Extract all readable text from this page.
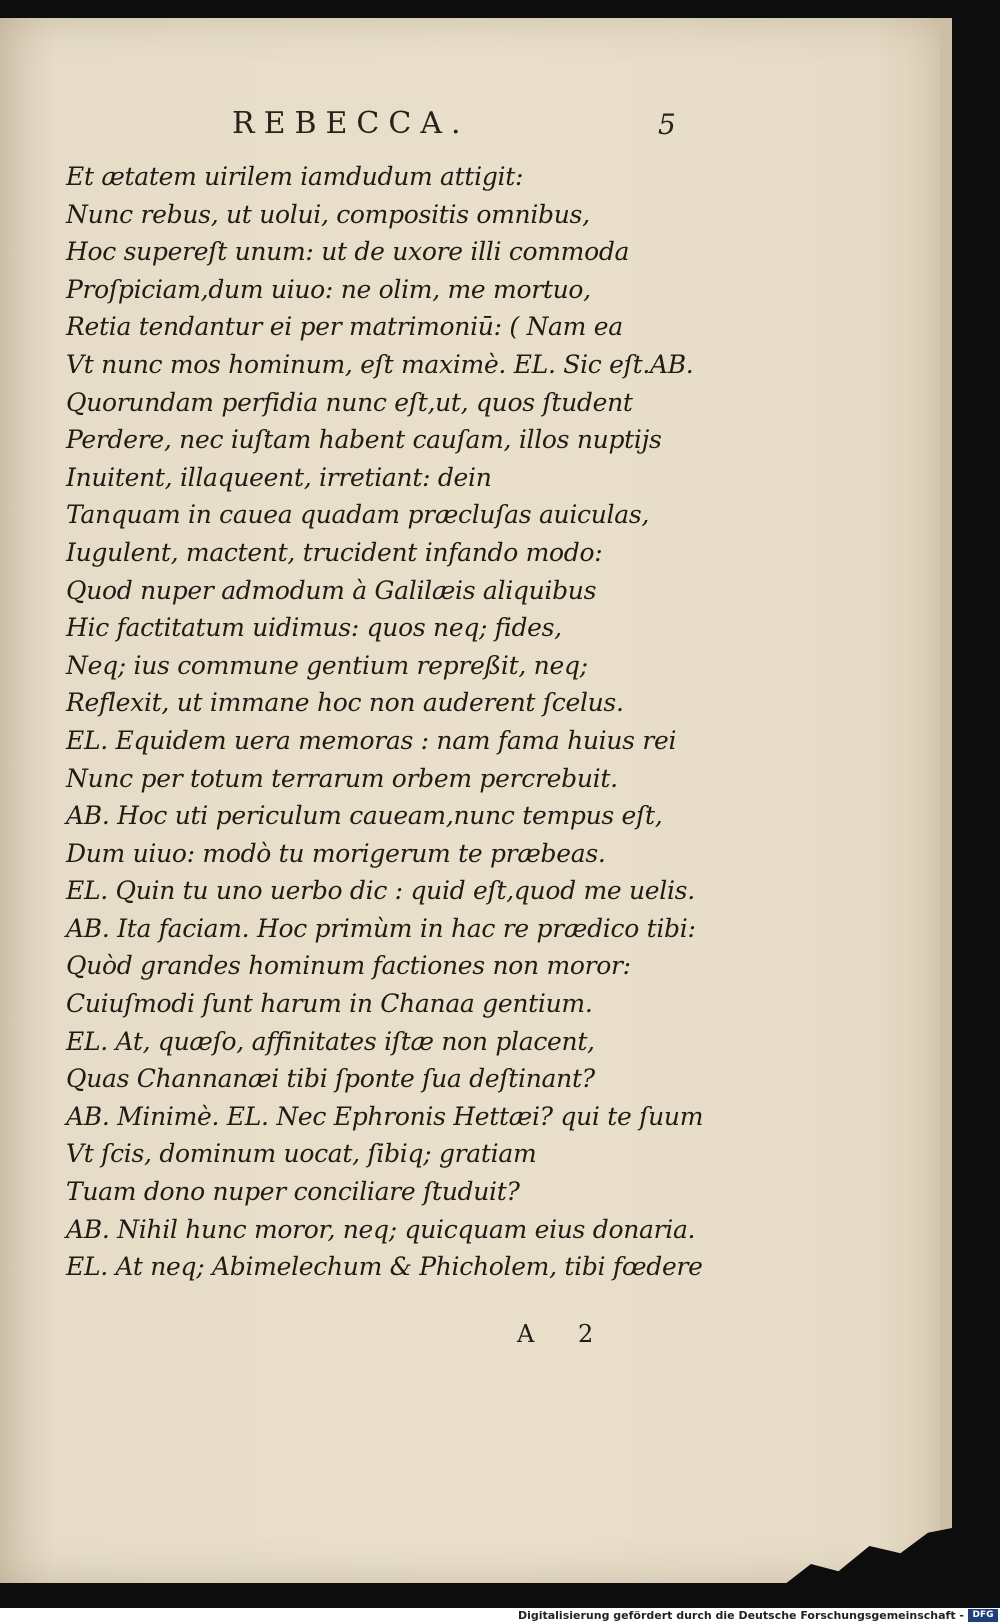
REBECCA.	5
Et ætatem uirilem iamdudum attigit:
Nunc rebus, ut uolui, compositis omnibus,
Hoc supereſt unum: ut de uxore illi commoda
Proſpiciam,dum uiuo: ne olim, me mortuo,
Retia tendantur ei per matrimoniū: ( Nam ea
Vt nunc mos hominum, eſt maximè. EL. Sic eſt.AB.
Quorundam perfidia nunc eſt,ut, quos ſtudent
Perdere, nec iuſtam habent cauſam, illos nuptijs
Inuitent, illaqueent, irretiant: dein
Tanquam in cauea quadam præcluſas auiculas,
Iugulent, mactent, trucident infando modo:
Quod nuper admodum à Galilæis aliquibus
Hic factitatum uidimus: quos neq; fides,
Neq; ius commune gentium repreßit, neq;
Reflexit, ut immane hoc non auderent ſcelus.
EL. Equidem uera memoras : nam fama huius rei
Nunc per totum terrarum orbem percrebuit.
AB. Hoc uti periculum caueam,nunc tempus eſt,
Dum uiuo: modò tu morigerum te præbeas.
EL. Quin tu uno uerbo dic : quid eſt,quod me uelis.
AB. Ita faciam. Hoc primùm in hac re prædico tibi:
Quòd grandes hominum factiones non moror:
Cuiuſmodi ſunt harum in Chanaa gentium.
EL. At, quæſo, affinitates iſtæ non placent,
Quas Channanæi tibi ſponte ſua deſtinant?
AB. Minimè. EL. Nec Ephronis Hettæi? qui te ſuum
Vt ſcis, dominum uocat, ſibiq; gratiam
Tuam dono nuper conciliare ſtuduit?
AB. Nihil hunc moror, neq; quicquam eius donaria.
EL. At neq; Abimelechum & Phicholem, tibi fœdere
A 2
Digitalisierung gefördert durch die Deutsche Forschungsgemeinschaft - DFG
